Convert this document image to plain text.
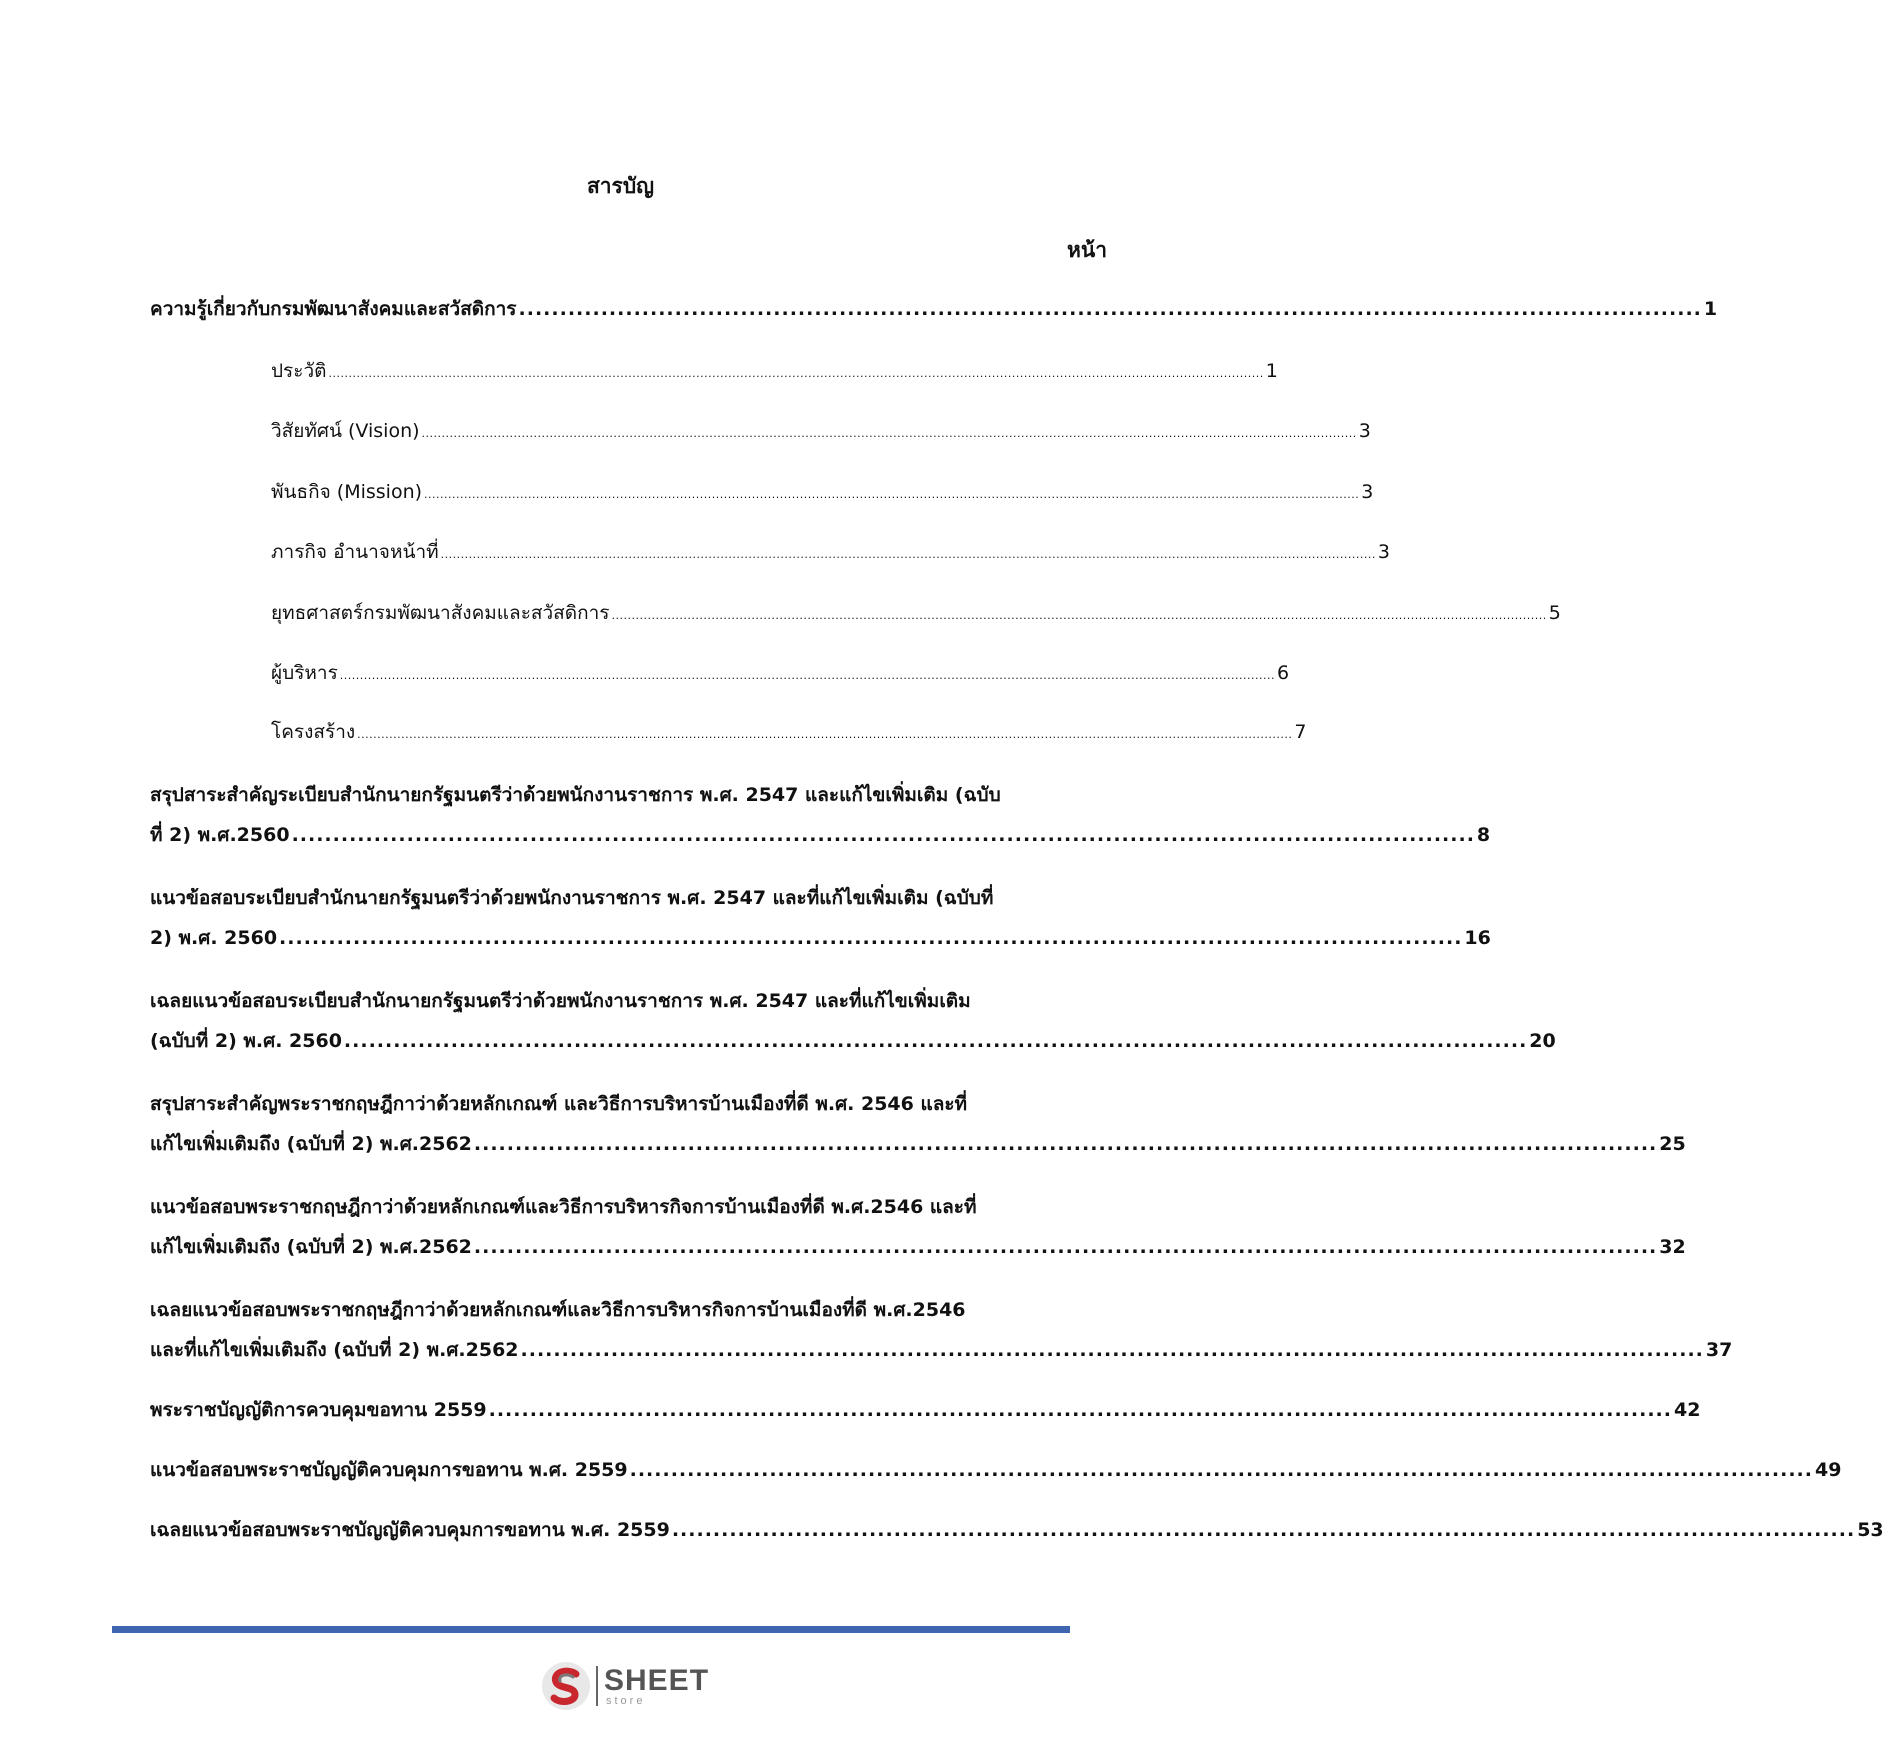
สารบัญ
หน้า
ความรู้เกี่ยวกับกรมพัฒนาสังคมและสวัสดิการ ................................................................................................................................................ 1
ประวัติ .......................................................................................................................................................................................................................................... 1
วิสัยทัศน์ (Vision) .......................................................................................................................................................................................................................................... 3
พันธกิจ (Mission) .......................................................................................................................................................................................................................................... 3
ภารกิจ อำนาจหน้าที่ .......................................................................................................................................................................................................................................... 3
ยุทธศาสตร์กรมพัฒนาสังคมและสวัสดิการ .......................................................................................................................................................................................................................................... 5
ผู้บริหาร .......................................................................................................................................................................................................................................... 6
โครงสร้าง .......................................................................................................................................................................................................................................... 7
สรุปสาระสำคัญระเบียบสำนักนายกรัฐมนตรีว่าด้วยพนักงานราชการ พ.ศ. 2547 และแก้ไขเพิ่มเติม (ฉบับ
ที่ 2) พ.ศ.2560 ................................................................................................................................................ 8
แนวข้อสอบระเบียบสำนักนายกรัฐมนตรีว่าด้วยพนักงานราชการ พ.ศ. 2547 และที่แก้ไขเพิ่มเติม (ฉบับที่
2) พ.ศ. 2560 ................................................................................................................................................ 16
เฉลยแนวข้อสอบระเบียบสำนักนายกรัฐมนตรีว่าด้วยพนักงานราชการ พ.ศ. 2547 และที่แก้ไขเพิ่มเติม
(ฉบับที่ 2) พ.ศ. 2560 ................................................................................................................................................ 20
สรุปสาระสำคัญพระราชกฤษฎีกาว่าด้วยหลักเกณฑ์ และวิธีการบริหารบ้านเมืองที่ดี พ.ศ. 2546 และที่
แก้ไขเพิ่มเติมถึง (ฉบับที่ 2) พ.ศ.2562 ................................................................................................................................................ 25
แนวข้อสอบพระราชกฤษฎีกาว่าด้วยหลักเกณฑ์และวิธีการบริหารกิจการบ้านเมืองที่ดี พ.ศ.2546 และที่
แก้ไขเพิ่มเติมถึง (ฉบับที่ 2) พ.ศ.2562 ................................................................................................................................................ 32
เฉลยแนวข้อสอบพระราชกฤษฎีกาว่าด้วยหลักเกณฑ์และวิธีการบริหารกิจการบ้านเมืองที่ดี พ.ศ.2546
และที่แก้ไขเพิ่มเติมถึง (ฉบับที่ 2) พ.ศ.2562 ................................................................................................................................................ 37
พระราชบัญญัติการควบคุมขอทาน 2559 ................................................................................................................................................ 42
แนวข้อสอบพระราชบัญญัติควบคุมการขอทาน พ.ศ. 2559 ................................................................................................................................................ 49
เฉลยแนวข้อสอบพระราชบัญญัติควบคุมการขอทาน พ.ศ. 2559 ................................................................................................................................................ 53
SHEET
store
